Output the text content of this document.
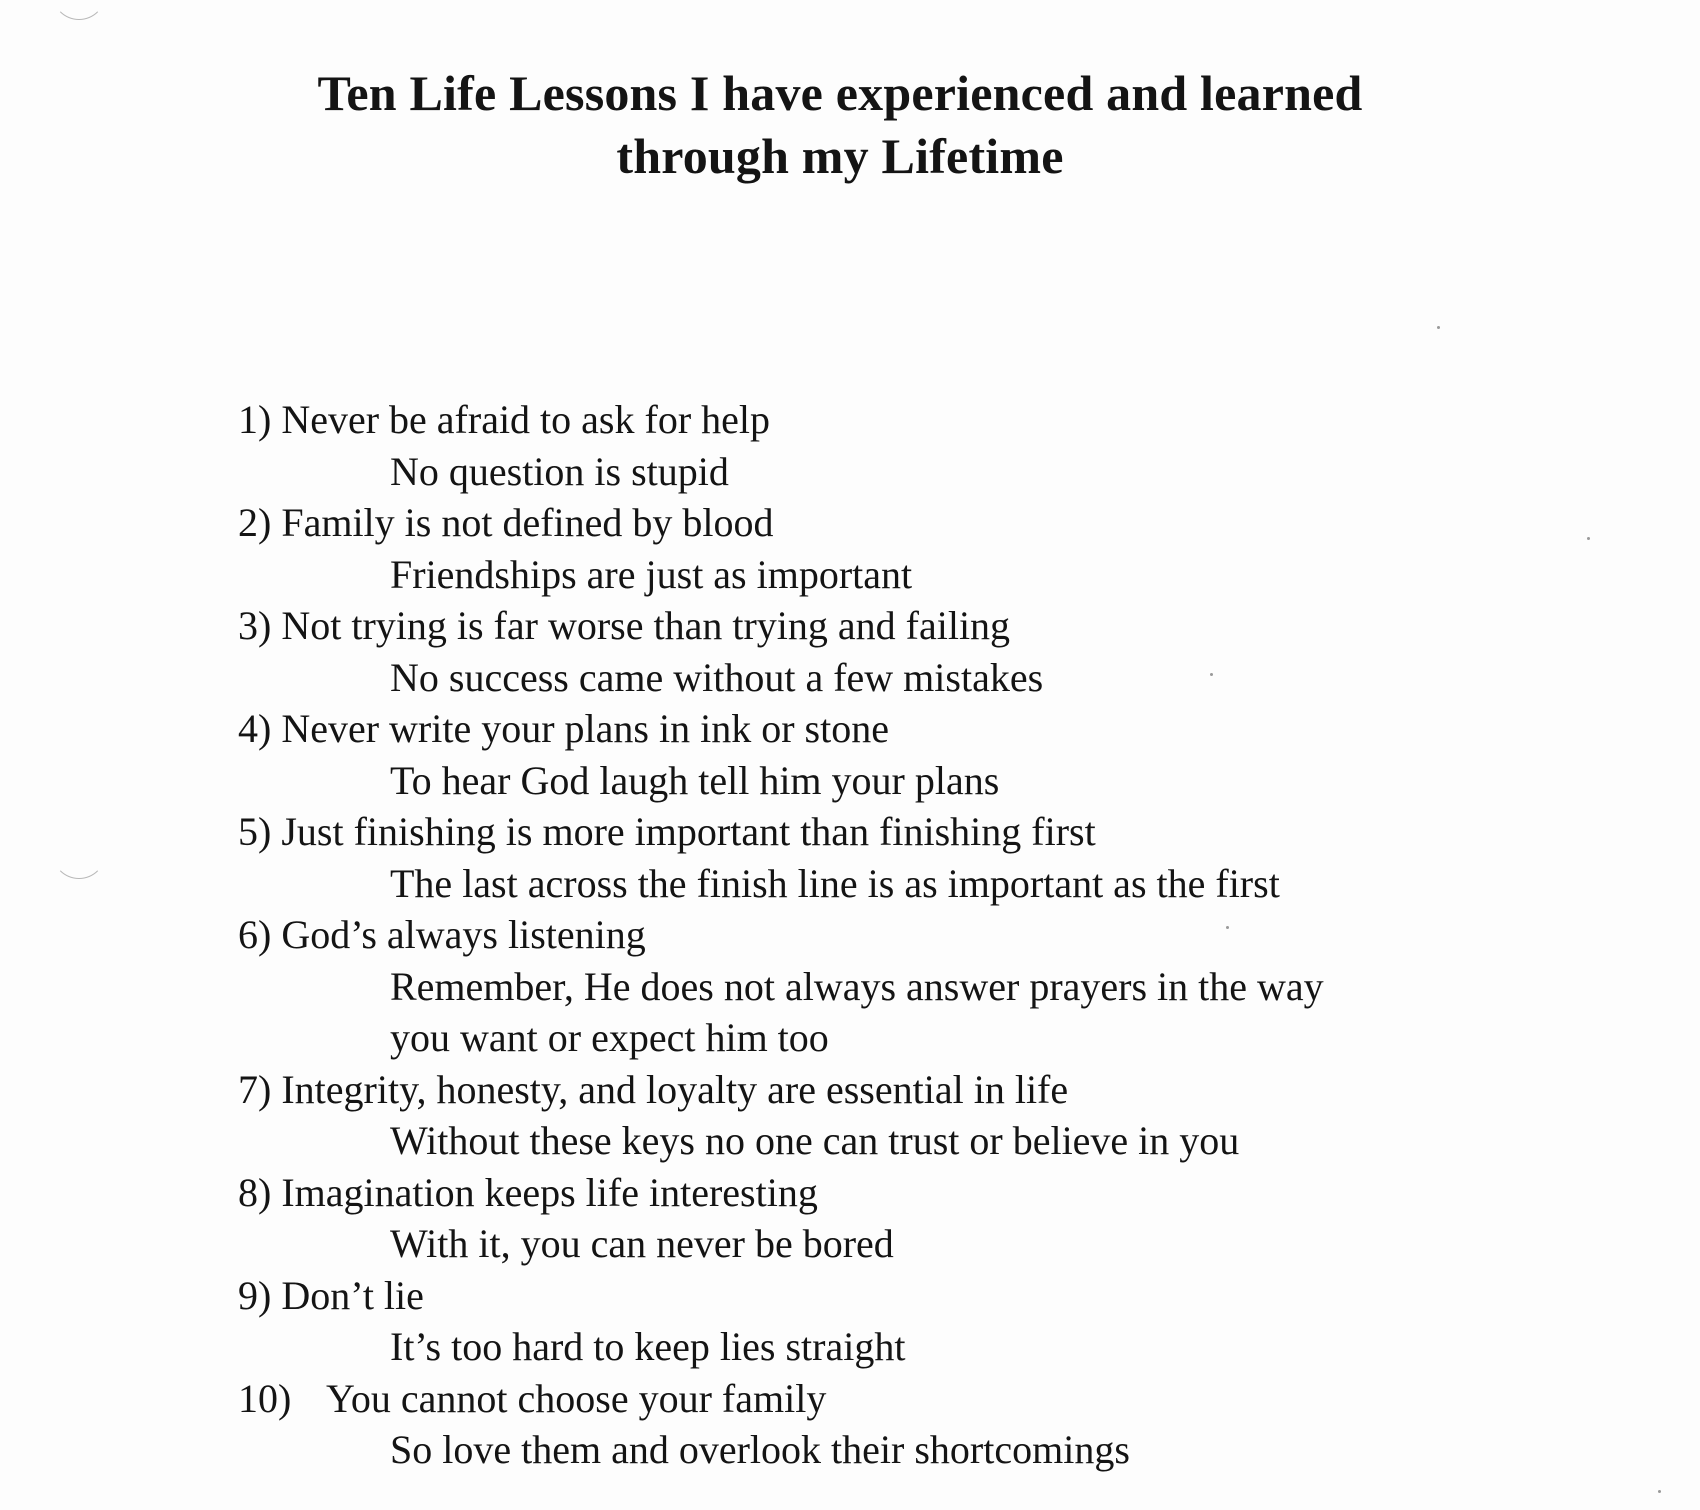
Ten Life Lessons I have experienced and learned
through my Lifetime
1) Never be afraid to ask for help
No question is stupid
2) Family is not defined by blood
Friendships are just as important
3) Not trying is far worse than trying and failing
No success came without a few mistakes
4) Never write your plans in ink or stone
To hear God laugh tell him your plans
5) Just finishing is more important than finishing first
The last across the finish line is as important as the first
6) God’s always listening
Remember, He does not always answer prayers in the way
you want or expect him too
7) Integrity, honesty, and loyalty are essential in life
Without these keys no one can trust or believe in you
8) Imagination keeps life interesting
With it, you can never be bored
9) Don’t lie
It’s too hard to keep lies straight
10) You cannot choose your family
So love them and overlook their shortcomings
